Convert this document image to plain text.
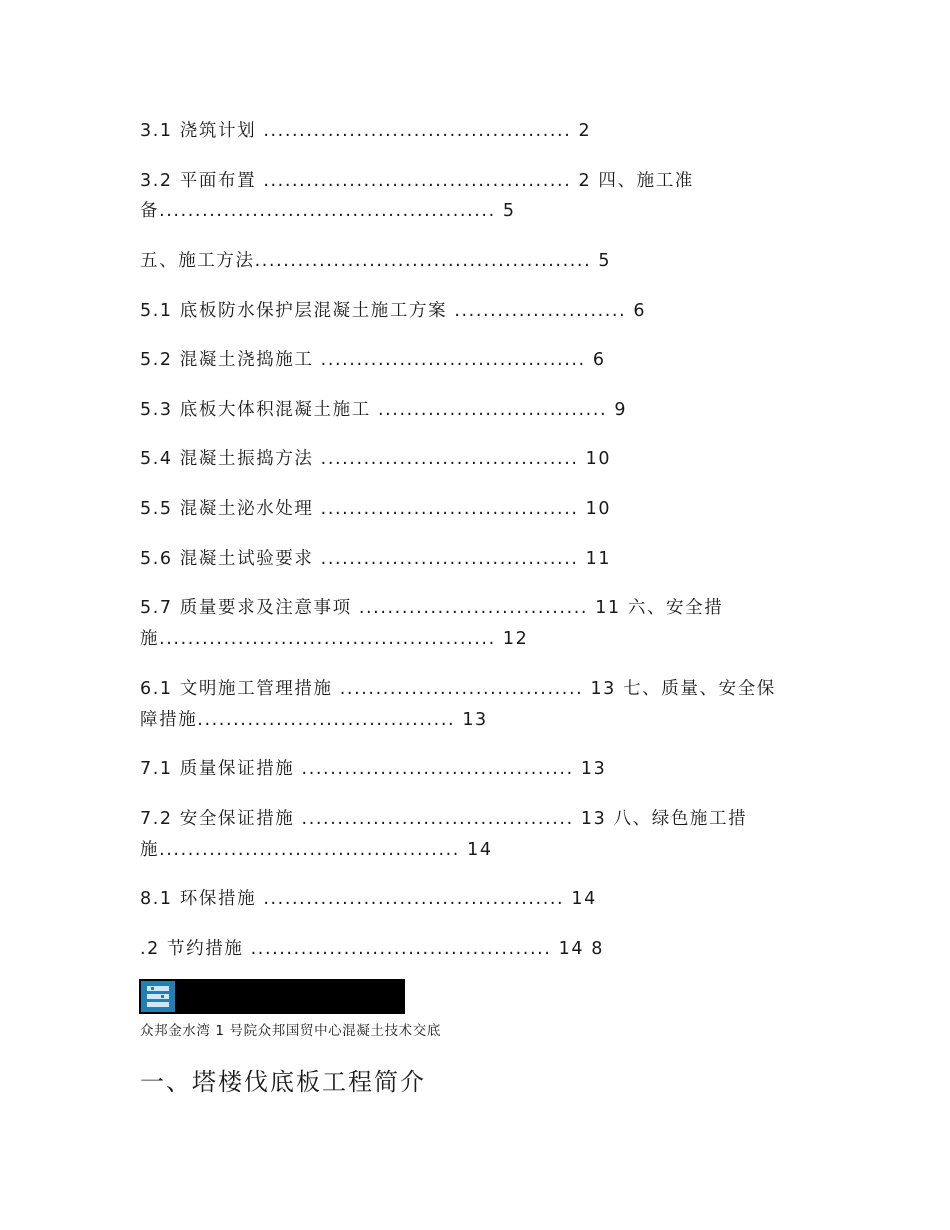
3.1 浇筑计划 ........................................... 2
3.2 平面布置 ........................................... 2 四、施工准
备............................................... 5
五、施工方法............................................... 5
5.1 底板防水保护层混凝土施工方案 ........................ 6
5.2 混凝土浇捣施工 ..................................... 6
5.3 底板大体积混凝土施工 ................................ 9
5.4 混凝土振捣方法 .................................... 10
5.5 混凝土泌水处理 .................................... 10
5.6 混凝土试验要求 .................................... 11
5.7 质量要求及注意事项 ................................ 11 六、安全措
施............................................... 12
6.1 文明施工管理措施 .................................. 13 七、质量、安全保
障措施.................................... 13
7.1 质量保证措施 ...................................... 13
7.2 安全保证措施 ...................................... 13 八、绿色施工措
施.......................................... 14
8.1 环保措施 .......................................... 14
.2 节约措施 .......................................... 14 8
众邦金水湾 1 号院众邦国贸中心混凝土技术交底
一、塔楼伐底板工程简介
